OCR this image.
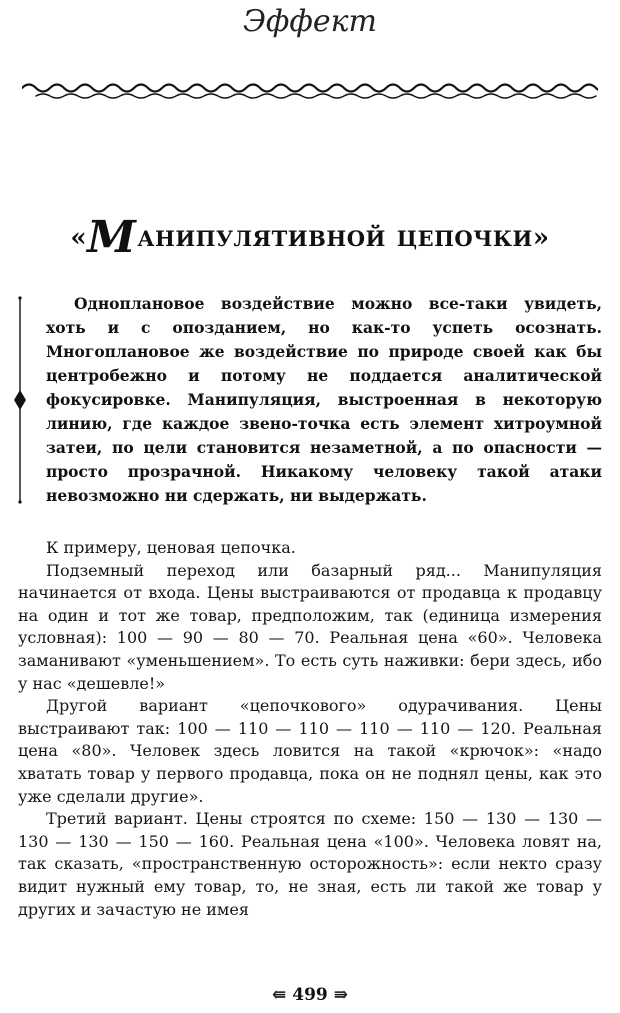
Эффект
«Манипулятивной цепочки»

Одноплановое воздействие можно все-таки увидеть, хоть и с опозданием, но как-то успеть осознать. Многоплановое же воздействие по природе своей как бы центробежно и потому не поддается аналитической фокусировке. Манипуляция, выстроенная в некоторую линию, где каждое звено-точка есть элемент хитроумной затеи, по цели становится незаметной, а по опасности — просто прозрачной. Никакому человеку такой атаки невозможно ни сдержать, ни выдержать.

К примеру, ценовая цепочка.

Подземный переход или базарный ряд... Манипуляция начинается от входа. Цены выстраиваются от продавца к продавцу на один и тот же товар, предположим, так (единица измерения условная): 100 — 90 — 80 — 70. Реальная цена «60». Человека заманивают «уменьшением». То есть суть наживки: бери здесь, ибо у нас «дешевле!»

Другой вариант «цепочкового» одурачивания. Цены выстраивают так: 100 — 110 — 110 — 110 — 110 — 120. Реальная цена «80». Человек здесь ловится на такой «крючок»: «надо хватать товар у первого продавца, пока он не поднял цены, как это уже сделали другие».

Третий вариант. Цены строятся по схеме: 150 — 130 — 130 — 130 — 130 — 150 — 160. Реальная цена «100». Человека ловят на, так сказать, «пространственную осторожность»: если некто сразу видит нужный ему товар, то, не зная, есть ли такой же товар у других и зачастую не имея

⇚ 499 ⇛
